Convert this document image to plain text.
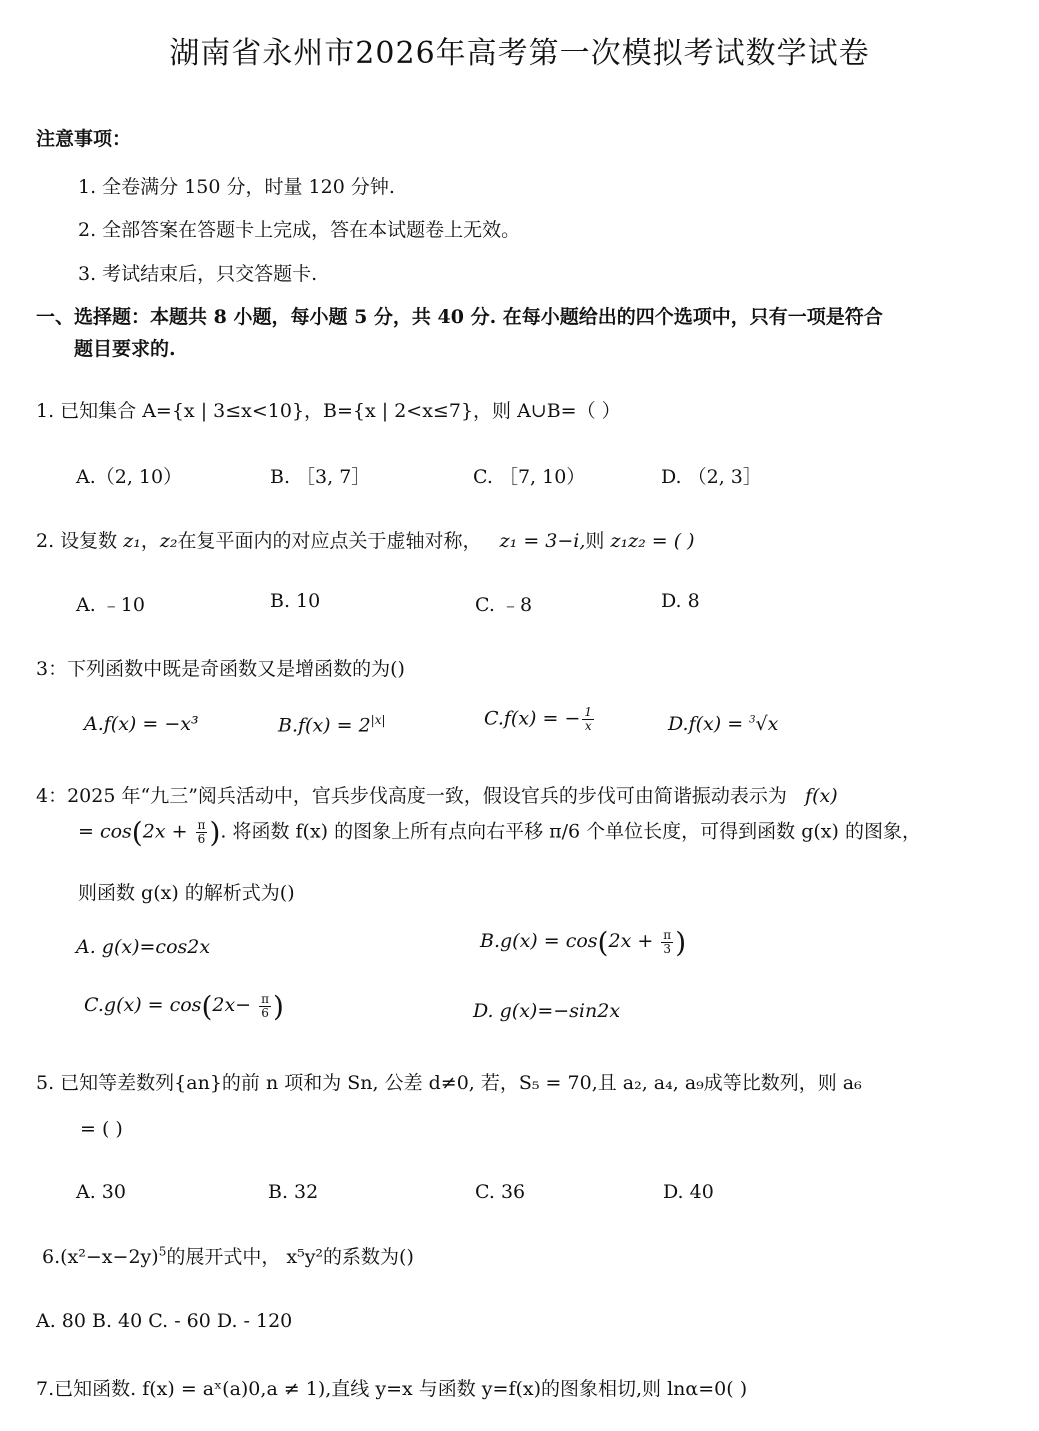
湖南省永州市2026年高考第一次模拟考试数学试卷
注意事项：
1. 全卷满分 150 分，时量 120 分钟.
2. 全部答案在答题卡上完成，答在本试题卷上无效。
3. 考试结束后，只交答题卡.
一、选择题：本题共 8 小题，每小题 5 分，共 40 分. 在每小题给出的四个选项中，只有一项是符合
题目要求的.
1. 已知集合 A={x | 3≤x<10}，B={x | 2<x≤7}，则 A∪B=（ ）
A.（2, 10）	B. ［3, 7］	C. ［7, 10）	D. （2, 3］
2. 设复数 z₁，z₂在复平面内的对应点关于虚轴对称， z₁ = 3−i,则 z₁z₂ = ( )
A. ﹣10	B. 10	C. ﹣8	D. 8
3：下列函数中既是奇函数又是增函数的为()
A.f(x) = −x³	$B.f(x) = 2^{|x|}$	C.f(x) = − $\frac{1}{x}$	D.f(x) = $^3$√x
4：2025 年“九三”阅兵活动中，官兵步伐高度一致，假设官兵的步伐可由简谐振动表示为 f(x)
= $\cos(2x + \frac{\pi}{6}$ ). 将函数 f(x) 的图象上所有点向右平移 π/6 个单位长度，可得到函数 g(x) 的图象，
则函数 g(x) 的解析式为()
A. g(x)=cos2x	$B.g(x) = \cos(2x + \frac{\pi}{3}$ )
$C.g(x) = \cos(2x- \frac{\pi}{6}$ )	D. g(x)=−sin2x
5. 已知等差数列{an}的前 n 项和为 Sn, 公差 d≠0, 若，S₅ = 70,且 a₂, a₄, a₉成等比数列，则 a₆
= ( )
A. 30	B. 32	C. 36	D. 40
$6.(x^2-x-2y)^5$的展开式中， x⁵y²的系数为()
A. 80 B. 40 C. - 60 D. - 120
7.已知函数. f(x) = aˣ(a)0,a ≠ 1),直线 y=x 与函数 y=f(x)的图象相切,则 lnα=0( )
